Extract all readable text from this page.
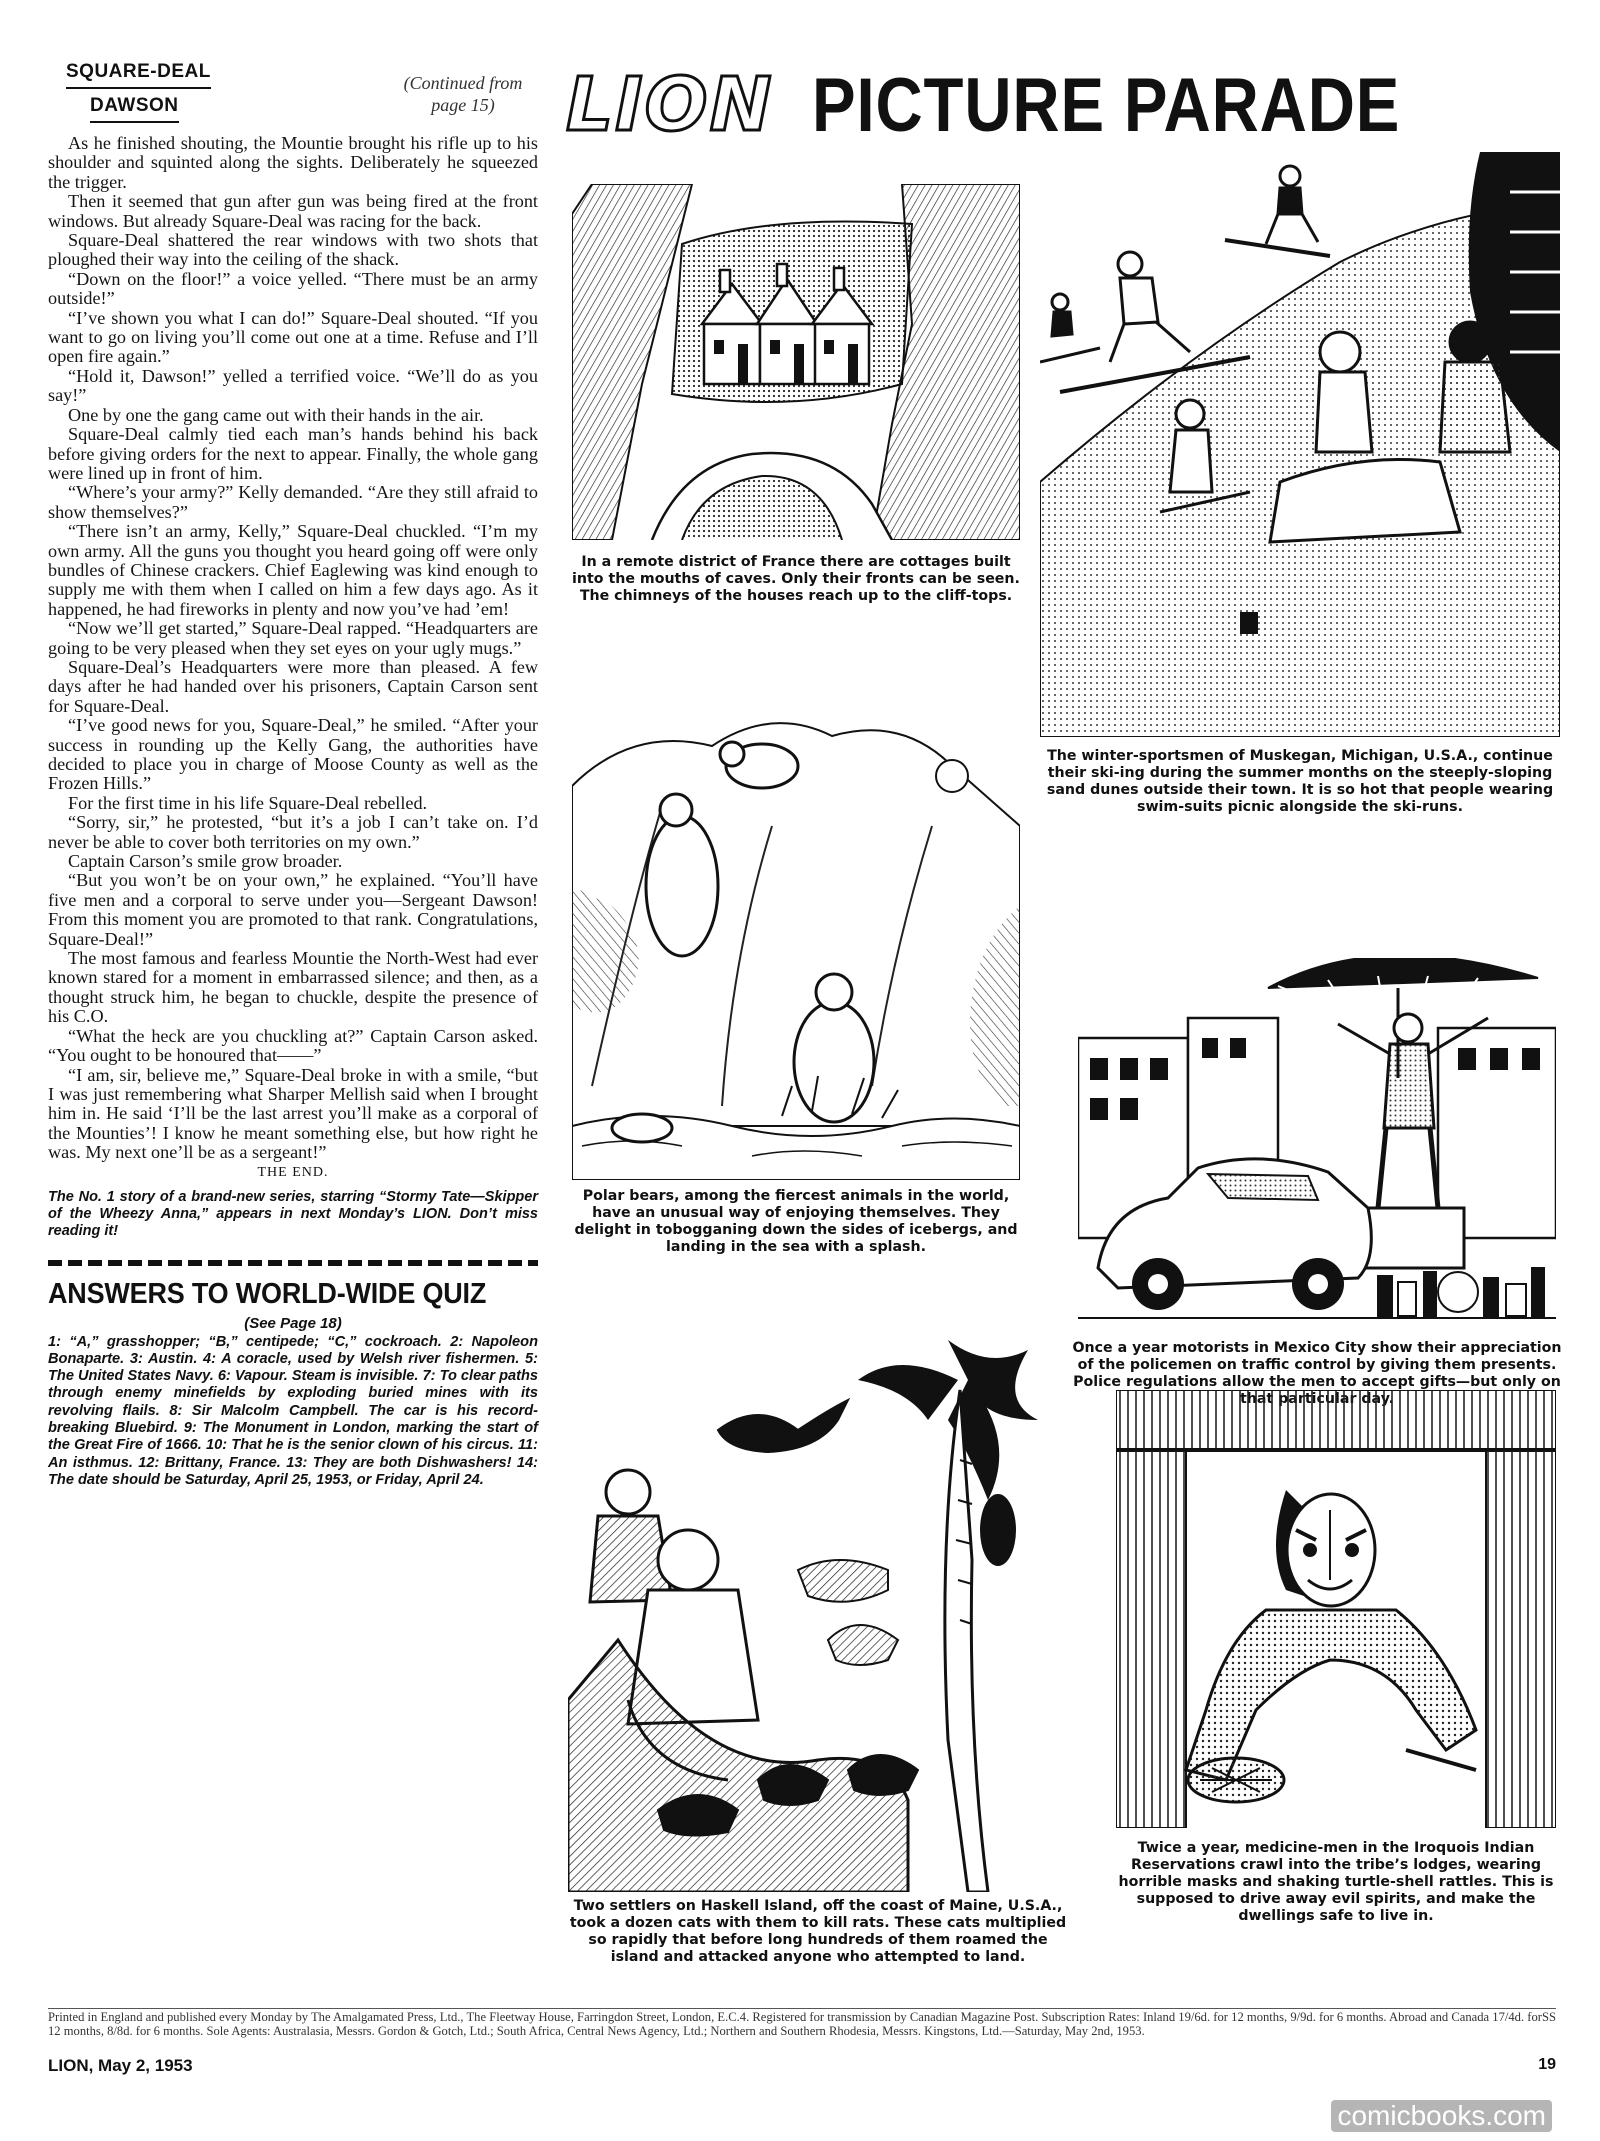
SQUARE-DEAL
DAWSON
(Continued from
page 15)

As he finished shouting, the Mountie brought his rifle up to his shoulder and squinted along the sights. Deliberately he squeezed the trigger.

Then it seemed that gun after gun was being fired at the front windows. But already Square-Deal was racing for the back.

Square-Deal shattered the rear windows with two shots that ploughed their way into the ceiling of the shack.

“Down on the floor!” a voice yelled. “There must be an army outside!”

“I’ve shown you what I can do!” Square-Deal shouted. “If you want to go on living you’ll come out one at a time. Refuse and I’ll open fire again.”

“Hold it, Dawson!” yelled a terrified voice. “We’ll do as you say!”

One by one the gang came out with their hands in the air.

Square-Deal calmly tied each man’s hands behind his back before giving orders for the next to appear. Finally, the whole gang were lined up in front of him.

“Where’s your army?” Kelly demanded. “Are they still afraid to show themselves?”

“There isn’t an army, Kelly,” Square-Deal chuckled. “I’m my own army. All the guns you thought you heard going off were only bundles of Chinese crackers. Chief Eaglewing was kind enough to supply me with them when I called on him a few days ago. As it happened, he had fireworks in plenty and now you’ve had ’em!

“Now we’ll get started,” Square-Deal rapped. “Headquarters are going to be very pleased when they set eyes on your ugly mugs.”

Square-Deal’s Headquarters were more than pleased. A few days after he had handed over his prisoners, Captain Carson sent for Square-Deal.

“I’ve good news for you, Square-Deal,” he smiled. “After your success in rounding up the Kelly Gang, the authorities have decided to place you in charge of Moose County as well as the Frozen Hills.”

For the first time in his life Square-Deal rebelled.

“Sorry, sir,” he protested, “but it’s a job I can’t take on. I’d never be able to cover both territories on my own.”

Captain Carson’s smile grow broader.

“But you won’t be on your own,” he explained. “You’ll have five men and a corporal to serve under you—Sergeant Dawson! From this moment you are promoted to that rank. Congratulations, Square-Deal!”

The most famous and fearless Mountie the North-West had ever known stared for a moment in embarrassed silence; and then, as a thought struck him, he began to chuckle, despite the presence of his C.O.

“What the heck are you chuckling at?” Captain Carson asked. “You ought to be honoured that——”

“I am, sir, believe me,” Square-Deal broke in with a smile, “but I was just remembering what Sharper Mellish said when I brought him in. He said ‘I’ll be the last arrest you’ll make as a corporal of the Mounties’! I know he meant something else, but how right he was. My next one’ll be as a sergeant!”

THE END.
The No. 1 story of a brand-new series, starring “Stormy Tate—Skipper of the Wheezy Anna,” appears in next Monday’s LION. Don’t miss reading it!
ANSWERS TO WORLD-WIDE QUIZ
(See Page 18)
1: “A,” grasshopper; “B,” centipede; “C,” cockroach. 2: Napoleon Bonaparte. 3: Austin. 4: A coracle, used by Welsh river fishermen. 5: The United States Navy. 6: Vapour. Steam is invisible. 7: To clear paths through enemy minefields by exploding buried mines with its revolving flails. 8: Sir Malcolm Campbell. The car is his record-breaking Bluebird. 9: The Monument in London, marking the start of the Great Fire of 1666. 10: That he is the senior clown of his circus. 11: An isthmus. 12: Brittany, France. 13: They are both Dishwashers! 14: The date should be Saturday, April 25, 1953, or Friday, April 24.
LION PICTURE PARADE
In a remote district of France there are cottages built into the mouths of caves. Only their fronts can be seen. The chimneys of the houses reach up to the cliff-tops.
The winter-sportsmen of Muskegan, Michigan, U.S.A., continue their ski-ing during the summer months on the steeply-sloping sand dunes outside their town. It is so hot that people wearing swim-suits picnic alongside the ski-runs.
Polar bears, among the fiercest animals in the world, have an unusual way of enjoying themselves. They delight in tobogganing down the sides of icebergs, and landing in the sea with a splash.
Once a year motorists in Mexico City show their appreciation of the policemen on traffic control by giving them presents. Police regulations allow the men to accept gifts—but only on
Two settlers on Haskell Island, off the coast of Maine, U.S.A., took a dozen cats with them to kill rats. These cats multiplied so rapidly that before long hundreds of them roamed the island and attacked anyone who attempted to land.
Twice a year, medicine-men in the Iroquois Indian Reservations crawl into the tribe’s lodges, wearing horrible masks and shaking turtle-shell rattles. This is supposed to drive away evil spirits, and make the dwellings safe to live in.
SS
Printed in England and published every Monday by The Amalgamated Press, Ltd., The Fleetway House, Farringdon Street, London, E.C.4. Registered for transmission by Canadian Magazine Post. Subscription Rates: Inland 19/6d. for 12 months, 9/9d. for 6 months. Abroad and Canada 17/4d. for 12 months, 8/8d. for 6 months. Sole Agents: Australasia, Messrs. Gordon & Gotch, Ltd.; South Africa, Central News Agency, Ltd.; Northern and Southern Rhodesia, Messrs. Kingstons, Ltd.—Saturday, May 2nd, 1953.
LION, May 2, 1953	19
comicbooks.com
